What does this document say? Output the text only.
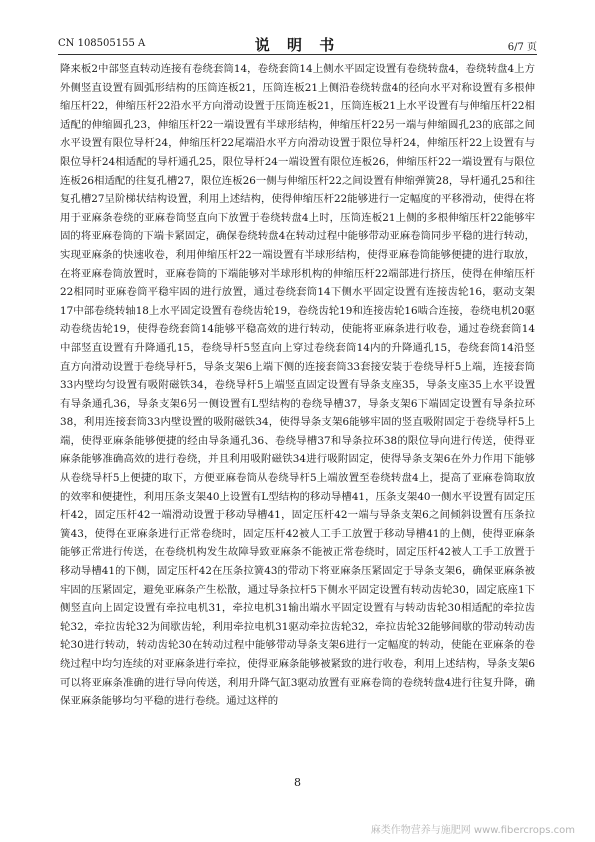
CN 108505155 A	说 明 书	6/7 页
降来板2中部竖直转动连接有卷绕套筒14，卷绕套筒14上侧水平固定设置有卷绕转盘4，卷绕转盘4上方外侧竖直设置有圆弧形结构的压筒连板21，压筒连板21上侧沿卷绕转盘4的径向水平对称设置有多根伸缩压杆22，伸缩压杆22沿水平方向滑动设置于压筒连板21，压筒连板21上水平设置有与伸缩压杆22相适配的伸缩圆孔23，伸缩压杆22一端设置有半球形结构，伸缩压杆22另一端与伸缩圆孔23的底部之间水平设置有限位导杆24，伸缩压杆22尾端沿水平方向滑动设置于限位导杆24，伸缩压杆22上设置有与限位导杆24相适配的导杆通孔25，限位导杆24一端设置有限位连板26，伸缩压杆22一端设置有与限位连板26相适配的往复孔槽27，限位连板26一侧与伸缩压杆22之间设置有伸缩弹簧28，导杆通孔25和往复孔槽27呈阶梯状结构设置，利用上述结构，使得伸缩压杆22能够进行一定幅度的平移滑动，使得在将用于亚麻条卷绕的亚麻卷筒竖直向下放置于卷绕转盘4上时，压筒连板21上侧的多根伸缩压杆22能够牢固的将亚麻卷筒的下端卡紧固定，确保卷绕转盘4在转动过程中能够带动亚麻卷筒同步平稳的进行转动，实现亚麻条的快速收卷，利用伸缩压杆22一端设置有半球形结构，使得亚麻卷筒能够便捷的进行取放，在将亚麻卷筒放置时，亚麻卷筒的下端能够对半球形机构的伸缩压杆22端部进行挤压，使得在伸缩压杆22相同时亚麻卷筒平稳牢固的进行放置，通过卷绕套筒14下侧水平固定设置有连接齿轮16，驱动支架17中部卷绕转轴18上水平固定设置有卷绕齿轮19，卷绕齿轮19和连接齿轮16啮合连接，卷绕电机20驱动卷绕齿轮19，使得卷绕套筒14能够平稳高效的进行转动，使能将亚麻条进行收卷，通过卷绕套筒14中部竖直设置有升降通孔15，卷绕导杆5竖直向上穿过卷绕套筒14内的升降通孔15，卷绕套筒14沿竖直方向滑动设置于卷绕导杆5，导条支架6上端下侧的连接套筒33套接安装于卷绕导杆5上端，连接套筒33内壁均匀设置有吸附磁铁34，卷绕导杆5上端竖直固定设置有导条支座35，导条支座35上水平设置有导条通孔36，导条支架6另一侧设置有L型结构的卷绕导槽37，导条支架6下端固定设置有导条拉环38，利用连接套筒33内壁设置的吸附磁铁34，使得导条支架6能够牢固的竖直吸附固定于卷绕导杆5上端，使得亚麻条能够便捷的经由导条通孔36、卷绕导槽37和导条拉环38的限位导向进行传送，使得亚麻条能够准确高效的进行卷绕，并且利用吸附磁铁34进行吸附固定，使得导条支架6在外力作用下能够从卷绕导杆5上便捷的取下，方便亚麻卷筒从卷绕导杆5上端放置至卷绕转盘4上，提高了亚麻卷筒取放的效率和便捷性，利用压条支架40上设置有L型结构的移动导槽41，压条支架40一侧水平设置有固定压杆42，固定压杆42一端滑动设置于移动导槽41，固定压杆42一端与导条支架6之间倾斜设置有压条拉簧43，使得在亚麻条进行正常卷绕时，固定压杆42被人工手工放置于移动导槽41的上侧，使得亚麻条能够正常进行传送，在卷绕机构发生故障导致亚麻条不能被正常卷绕时，固定压杆42被人工手工放置于移动导槽41的下侧，固定压杆42在压条拉簧43的带动下将亚麻条压紧固定于导条支架6，确保亚麻条被牢固的压紧固定，避免亚麻条产生松散，通过导条拉杆5下侧水平固定设置有转动齿轮30，固定底座1下侧竖直向上固定设置有牵拉电机31，牵拉电机31输出端水平固定设置有与转动齿轮30相适配的牵拉齿轮32，牵拉齿轮32为间歇齿轮，利用牵拉电机31驱动牵拉齿轮32，牵拉齿轮32能够间歇的带动转动齿轮30进行转动，转动齿轮30在转动过程中能够带动导条支架6进行一定幅度的转动，使能在亚麻条的卷绕过程中均匀连续的对亚麻条进行牵拉，使得亚麻条能够被紧致的进行收卷，利用上述结构，导条支架6可以将亚麻条准确的进行导向传送，利用升降气缸3驱动放置有亚麻卷筒的卷绕转盘4进行往复升降，确保亚麻条能够均匀平稳的进行卷绕。通过这样的
8
麻类作物营养与施肥网 www.fibercrops.com
